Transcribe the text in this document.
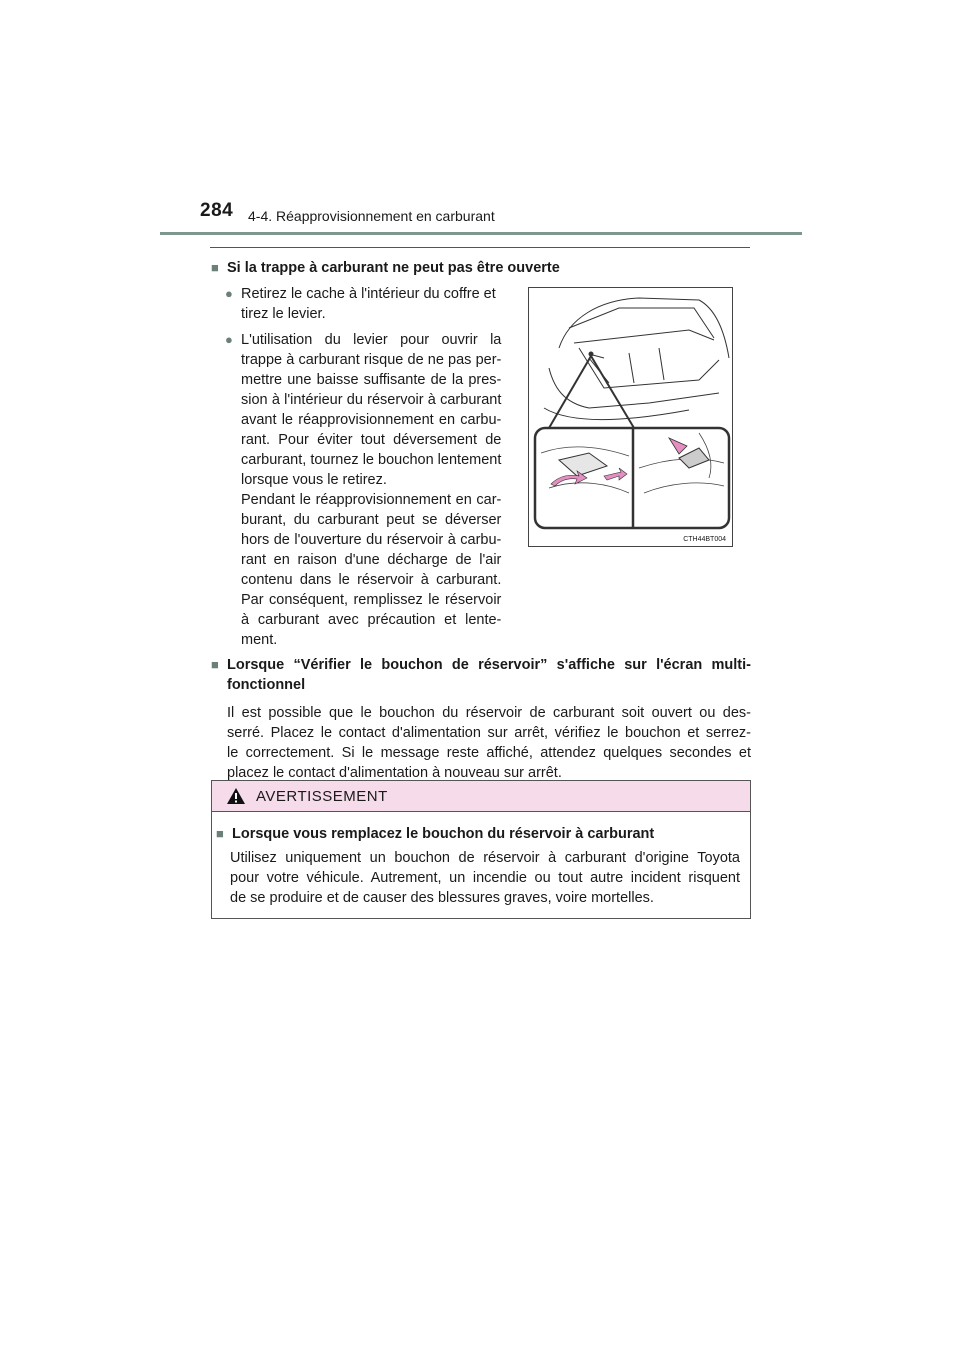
284 4-4. Réapprovisionnement en carburant
■ Si la trappe à carburant ne peut pas être ouverte
● Retirez le cache à l'intérieur du coffre et
tirez le levier.
● L'utilisation du levier pour ouvrir la
trappe à carburant risque de ne pas per-
mettre une baisse suffisante de la pres-
sion à l'intérieur du réservoir à carburant
avant le réapprovisionnement en carbu-
rant. Pour éviter tout déversement de
carburant, tournez le bouchon lentement
lorsque vous le retirez.
Pendant le réapprovisionnement en car-
burant, du carburant peut se déverser
hors de l'ouverture du réservoir à carbu-
rant en raison d'une décharge de l'air
contenu dans le réservoir à carburant.
Par conséquent, remplissez le réservoir
à carburant avec précaution et lente-
ment.
CTH44BT004
■ Lorsque “Vérifier le bouchon de réservoir” s'affiche sur l'écran multi-
fonctionnel
Il est possible que le bouchon du réservoir de carburant soit ouvert ou des-
serré. Placez le contact d'alimentation sur arrêt, vérifiez le bouchon et serrez-
le correctement. Si le message reste affiché, attendez quelques secondes et
placez le contact d'alimentation à nouveau sur arrêt.
AVERTISSEMENT
■ Lorsque vous remplacez le bouchon du réservoir à carburant
Utilisez uniquement un bouchon de réservoir à carburant d'origine Toyota
pour votre véhicule. Autrement, un incendie ou tout autre incident risquent
de se produire et de causer des blessures graves, voire mortelles.
